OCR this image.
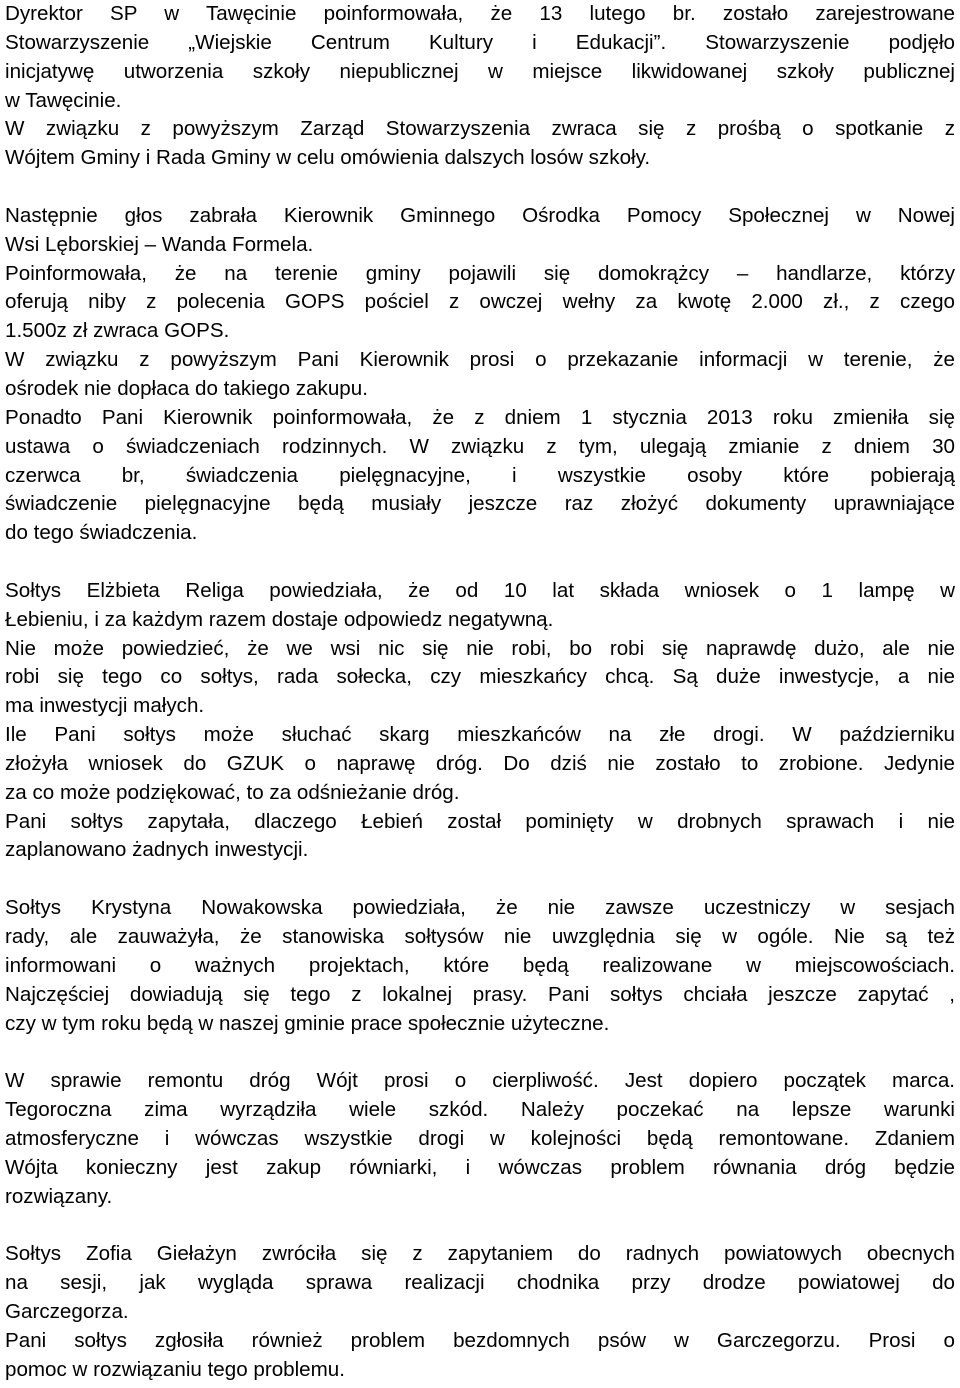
Dyrektor SP w Tawęcinie poinformowała, że 13 lutego br. zostało zarejestrowane
Stowarzyszenie „Wiejskie Centrum Kultury i Edukacji”. Stowarzyszenie podjęło
inicjatywę utworzenia szkoły niepublicznej w miejsce likwidowanej szkoły publicznej
w Tawęcinie.
W związku z powyższym Zarząd Stowarzyszenia zwraca się z prośbą o spotkanie z
Wójtem Gminy i Rada Gminy w celu omówienia dalszych losów szkoły.
Następnie głos zabrała Kierownik Gminnego Ośrodka Pomocy Społecznej w Nowej
Wsi Lęborskiej – Wanda Formela.
Poinformowała, że na terenie gminy pojawili się domokrążcy – handlarze, którzy
oferują niby z polecenia GOPS pościel z owczej wełny za kwotę 2.000 zł., z czego
1.500z zł zwraca GOPS.
W związku z powyższym Pani Kierownik prosi o przekazanie informacji w terenie, że
ośrodek nie dopłaca do takiego zakupu.
Ponadto Pani Kierownik poinformowała, że z dniem 1 stycznia 2013 roku zmieniła się
ustawa o świadczeniach rodzinnych. W związku z tym, ulegają zmianie z dniem 30
czerwca br, świadczenia pielęgnacyjne, i wszystkie osoby które pobierają
świadczenie pielęgnacyjne będą musiały jeszcze raz złożyć dokumenty uprawniające
do tego świadczenia.
Sołtys Elżbieta Religa powiedziała, że od 10 lat składa wniosek o 1 lampę w
Łebieniu, i za każdym razem dostaje odpowiedz negatywną.
Nie może powiedzieć, że we wsi nic się nie robi, bo robi się naprawdę dużo, ale nie
robi się tego co sołtys, rada sołecka, czy mieszkańcy chcą. Są duże inwestycje, a nie
ma inwestycji małych.
Ile Pani sołtys może słuchać skarg mieszkańców na złe drogi. W październiku
złożyła wniosek do GZUK o naprawę dróg. Do dziś nie zostało to zrobione. Jedynie
za co może podziękować, to za odśnieżanie dróg.
Pani sołtys zapytała, dlaczego Łebień został pominięty w drobnych sprawach i nie
zaplanowano żadnych inwestycji.
Sołtys Krystyna Nowakowska powiedziała, że nie zawsze uczestniczy w sesjach
rady, ale zauważyła, że stanowiska sołtysów nie uwzględnia się w ogóle. Nie są też
informowani o ważnych projektach, które będą realizowane w miejscowościach.
Najczęściej dowiadują się tego z lokalnej prasy. Pani sołtys chciała jeszcze zapytać ,
czy w tym roku będą w naszej gminie prace społecznie użyteczne.
W sprawie remontu dróg Wójt prosi o cierpliwość. Jest dopiero początek marca.
Tegoroczna zima wyrządziła wiele szkód. Należy poczekać na lepsze warunki
atmosferyczne i wówczas wszystkie drogi w kolejności będą remontowane. Zdaniem
Wójta konieczny jest zakup równiarki, i wówczas problem równania dróg będzie
rozwiązany.
Sołtys Zofia Giełażyn zwróciła się z zapytaniem do radnych powiatowych obecnych
na sesji, jak wygląda sprawa realizacji chodnika przy drodze powiatowej do
Garczegorza.
Pani sołtys zgłosiła również problem bezdomnych psów w Garczegorzu. Prosi o
pomoc w rozwiązaniu tego problemu.
